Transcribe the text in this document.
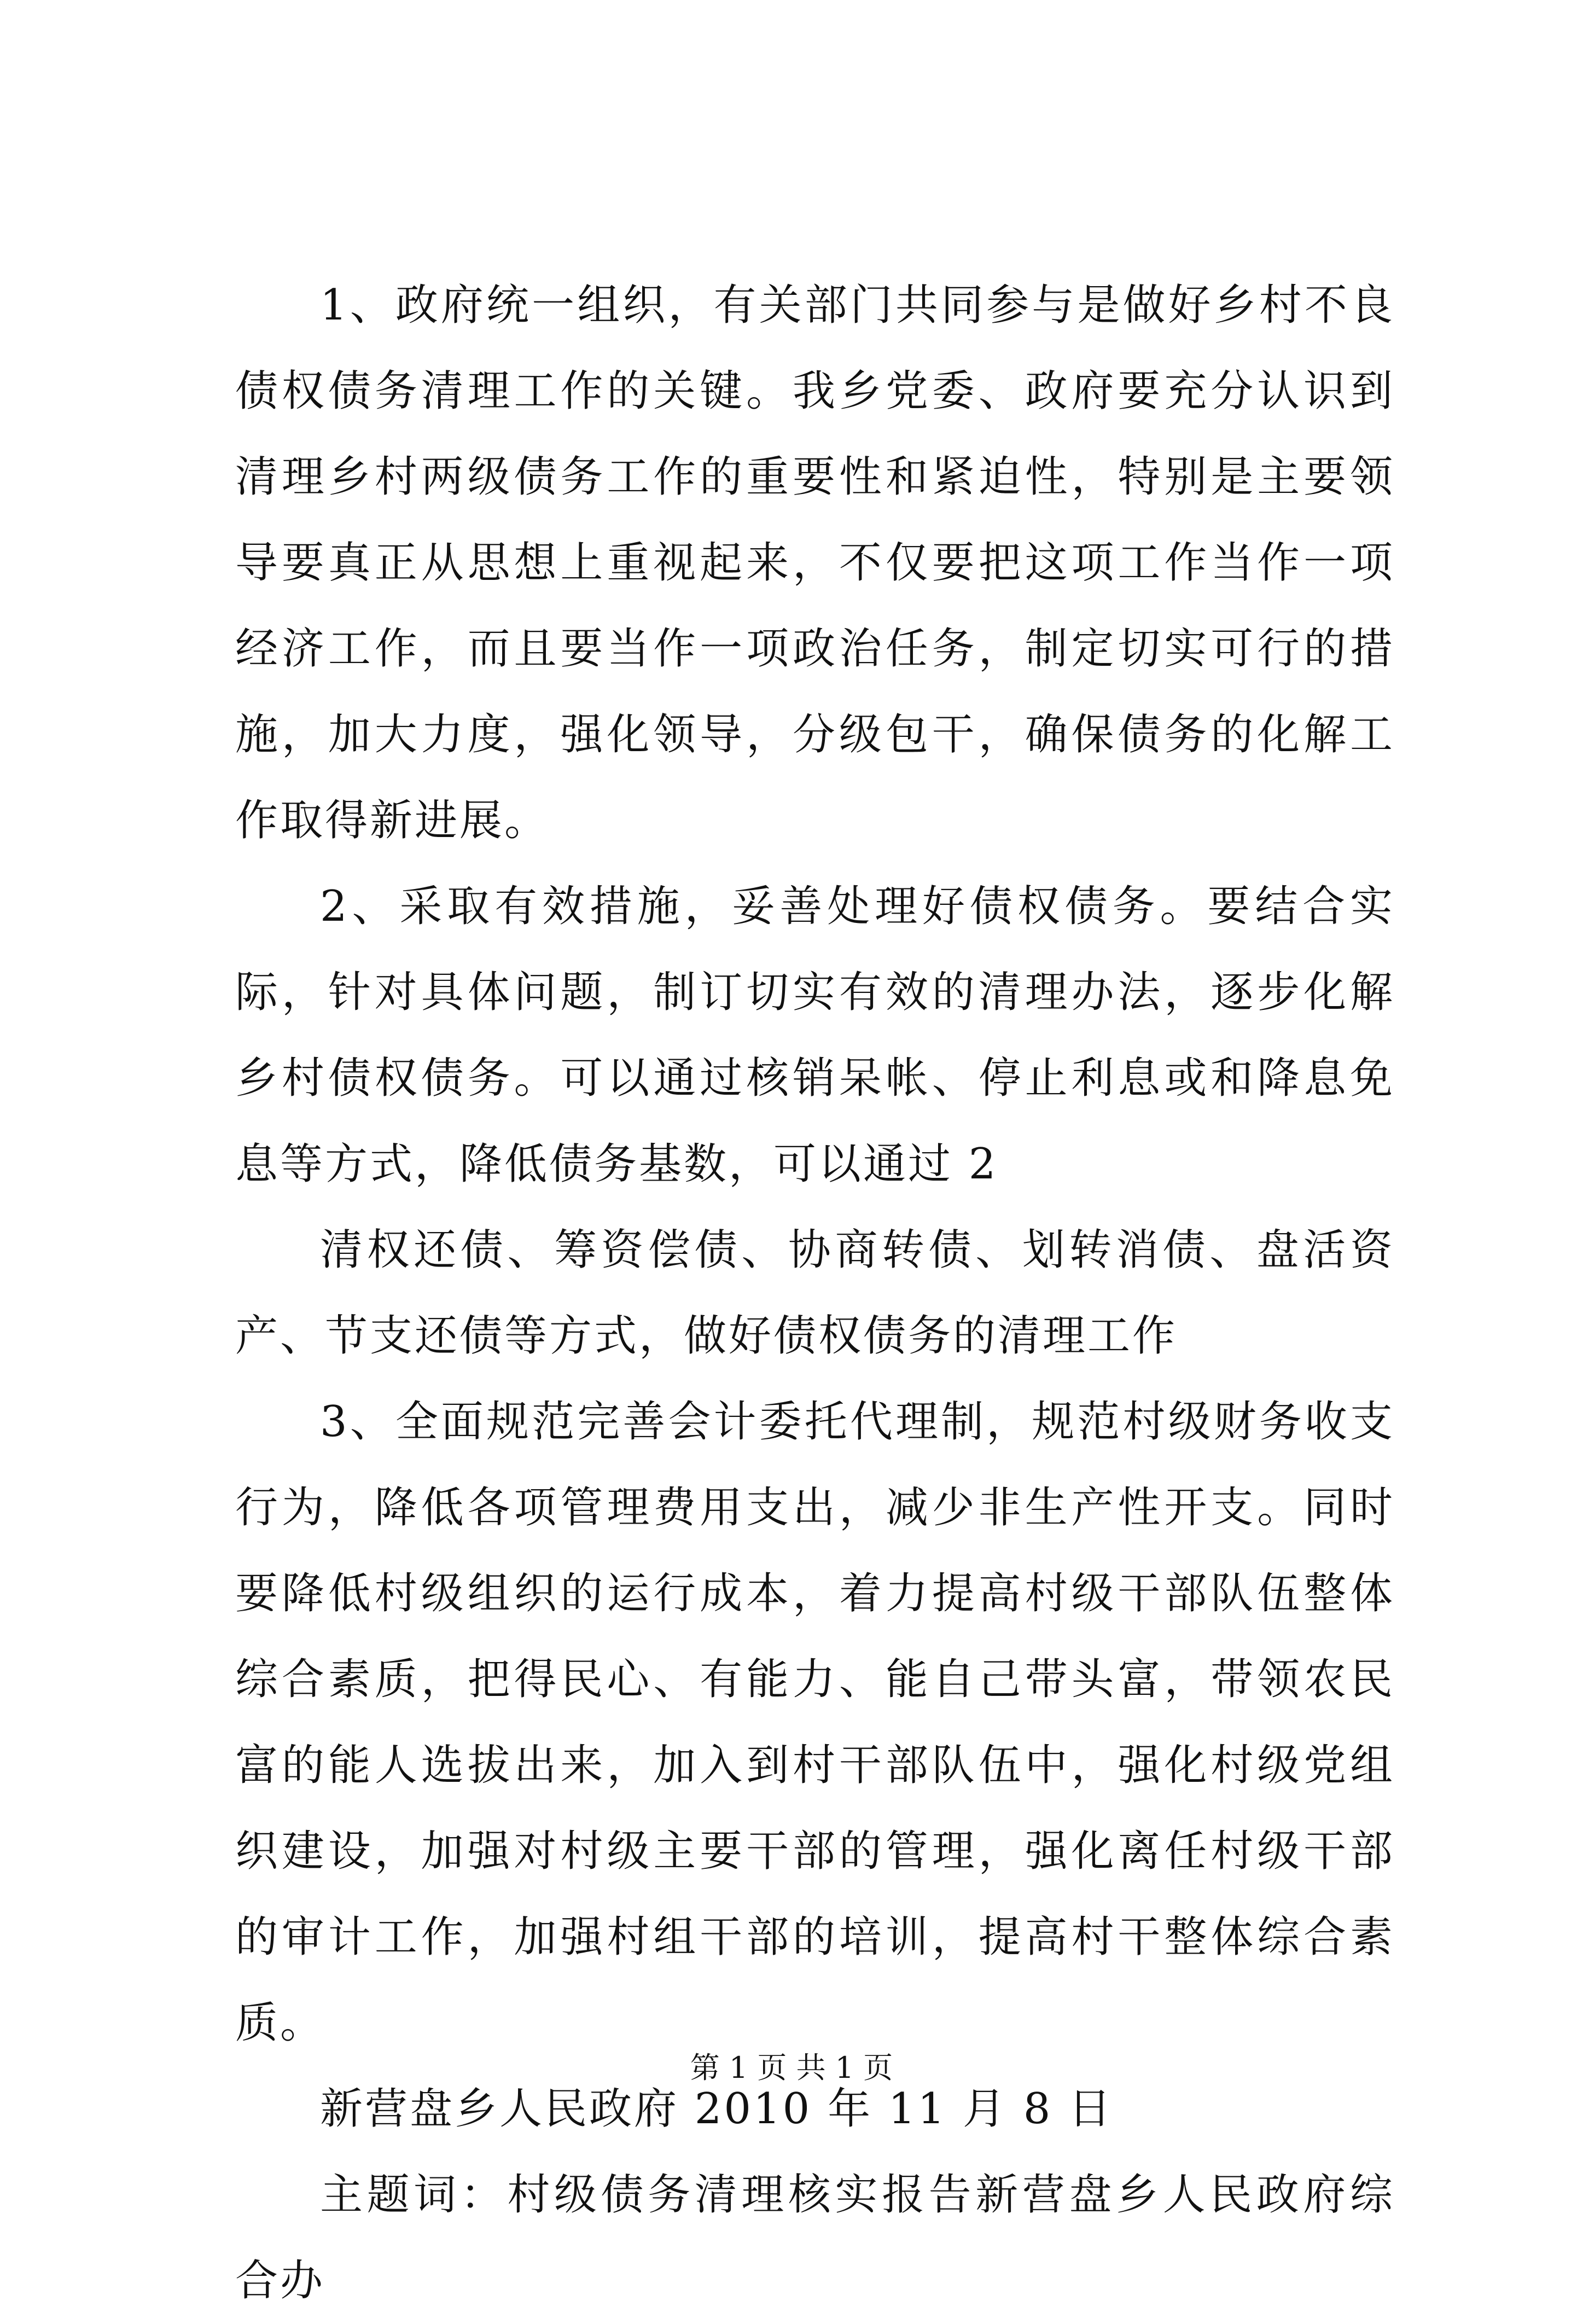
1、政府统一组织，有关部门共同参与是做好乡村不良债权债务清理工作的关键。我乡党委、政府要充分认识到清理乡村两级债务工作的重要性和紧迫性，特别是主要领导要真正从思想上重视起来，不仅要把这项工作当作一项经济工作，而且要当作一项政治任务，制定切实可行的措施，加大力度，强化领导，分级包干，确保债务的化解工作取得新进展。

2、采取有效措施，妥善处理好债权债务。要结合实际，针对具体问题，制订切实有效的清理办法，逐步化解乡村债权债务。可以通过核销呆帐、停止利息或和降息免息等方式，降低债务基数，可以通过 2

清权还债、筹资偿债、协商转债、划转消债、盘活资产、节支还债等方式，做好债权债务的清理工作

3、全面规范完善会计委托代理制，规范村级财务收支行为，降低各项管理费用支出，减少非生产性开支。同时要降低村级组织的运行成本，着力提高村级干部队伍整体综合素质，把得民心、有能力、能自己带头富，带领农民富的能人选拔出来，加入到村干部队伍中，强化村级党组织建设，加强对村级主要干部的管理，强化离任村级干部的审计工作，加强村组干部的培训，提高村干整体综合素质。

新营盘乡人民政府 2010 年 11 月 8 日

主题词：村级债务清理核实报告新营盘乡人民政府综合办

第 1 页 共 1 页
